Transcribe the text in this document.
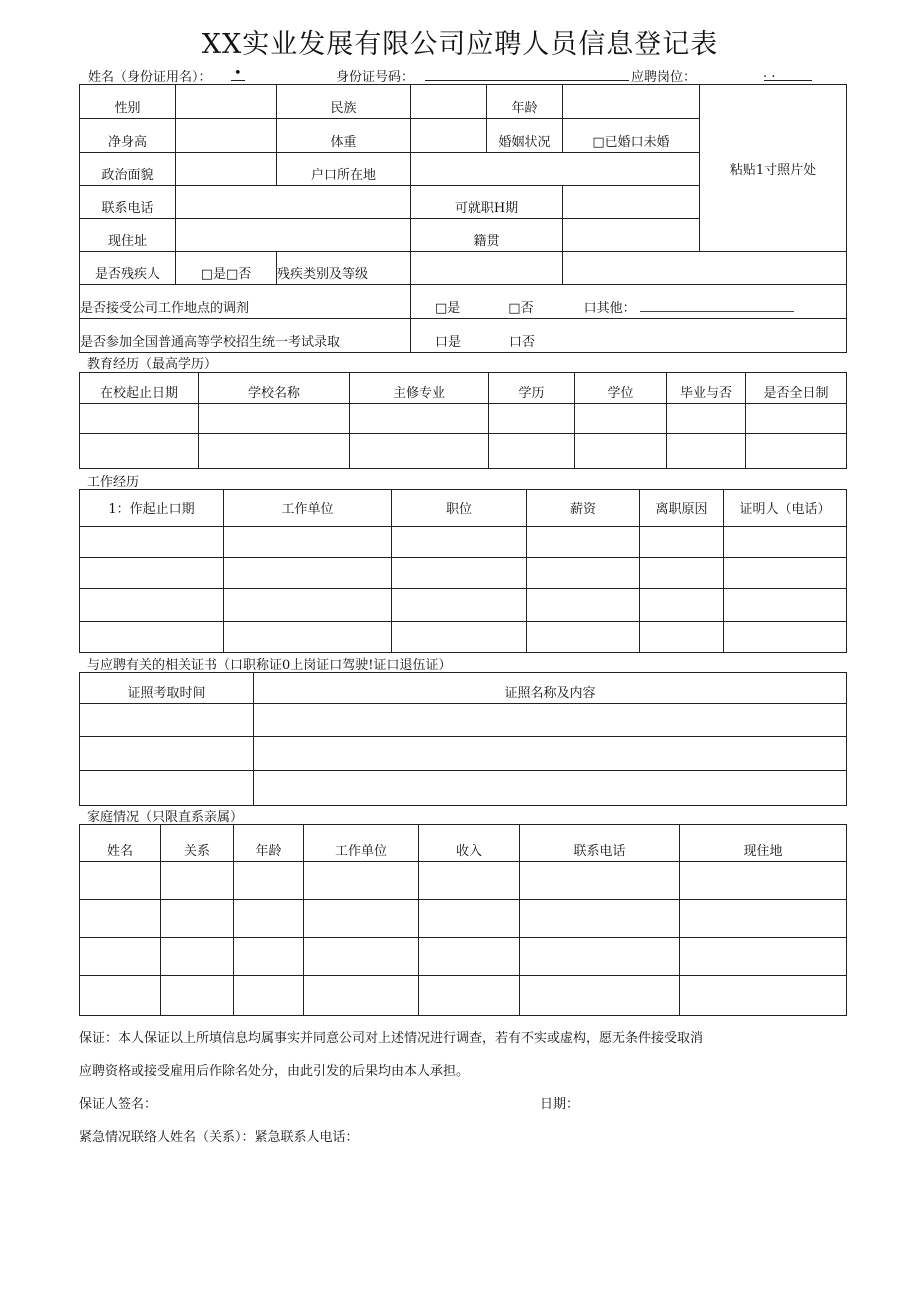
XX实业发展有限公司应聘人员信息登记表
姓名（身份证用名）： •	身份证号码：	应聘岗位：	. .
性别		民族	年龄		粘贴1寸照片处
净身高		体重	婚姻状况	□已婚口未婚	
政治面貌		户口所在地			
联系电话			可就职H期		
现住址			籍贯		
是否残疾人	□是□否	残疾类别及等级			
是否接受公司工作地点的调剂			□是 □否 口其他：		
是否参加全国普通高等学校招生统一考试录取			口是 口否		
教育经历（最高学历）
在校起止日期	学校名称	主修专业	学历	学位	毕业与否	是否全日制

工作经历
1：作起止口期	工作单位	职位	薪资	离职原因	证明人（电话）

与应聘有关的相关证书（口职称证0上岗证口驾驶!证口退伍证）
证照考取时间	证照名称及内容

家庭情况（只限直系亲属）
姓名	关系	年龄	工作单位	收入	联系电话	现住地

保证：本人保证以上所填信息均属事实并同意公司对上述情况进行调查，若有不实或虚构，愿无条件接受取消
应聘资格或接受雇用后作除名处分，由此引发的后果均由本人承担。
保证人签名：	日期：
紧急情况联络人姓名（关系）：紧急联系人电话：
